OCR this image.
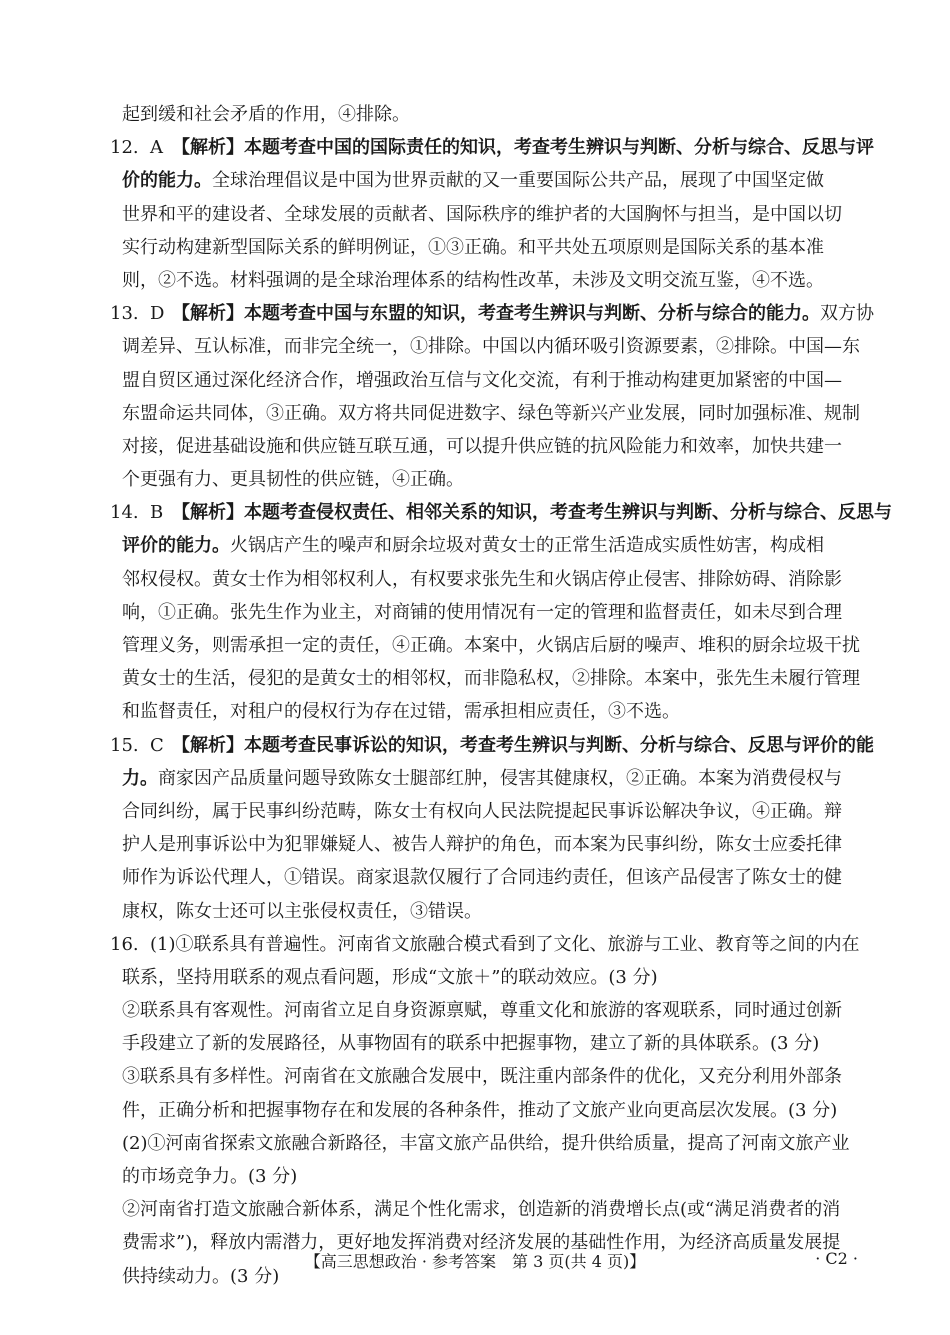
起到缓和社会矛盾的作用，④排除。
12. A 【解析】本题考查中国的国际责任的知识，考查考生辨识与判断、分析与综合、反思与评
价的能力。全球治理倡议是中国为世界贡献的又一重要国际公共产品，展现了中国坚定做
世界和平的建设者、全球发展的贡献者、国际秩序的维护者的大国胸怀与担当，是中国以切
实行动构建新型国际关系的鲜明例证，①③正确。和平共处五项原则是国际关系的基本准
则，②不选。材料强调的是全球治理体系的结构性改革，未涉及文明交流互鉴，④不选。
13. D 【解析】本题考查中国与东盟的知识，考查考生辨识与判断、分析与综合的能力。双方协
调差异、互认标准，而非完全统一，①排除。中国以内循环吸引资源要素，②排除。中国—东
盟自贸区通过深化经济合作，增强政治互信与文化交流，有利于推动构建更加紧密的中国—
东盟命运共同体，③正确。双方将共同促进数字、绿色等新兴产业发展，同时加强标准、规制
对接，促进基础设施和供应链互联互通，可以提升供应链的抗风险能力和效率，加快共建一
个更强有力、更具韧性的供应链，④正确。
14. B 【解析】本题考查侵权责任、相邻关系的知识，考查考生辨识与判断、分析与综合、反思与
评价的能力。火锅店产生的噪声和厨余垃圾对黄女士的正常生活造成实质性妨害，构成相
邻权侵权。黄女士作为相邻权利人，有权要求张先生和火锅店停止侵害、排除妨碍、消除影
响，①正确。张先生作为业主，对商铺的使用情况有一定的管理和监督责任，如未尽到合理
管理义务，则需承担一定的责任，④正确。本案中，火锅店后厨的噪声、堆积的厨余垃圾干扰
黄女士的生活，侵犯的是黄女士的相邻权，而非隐私权，②排除。本案中，张先生未履行管理
和监督责任，对租户的侵权行为存在过错，需承担相应责任，③不选。
15. C 【解析】本题考查民事诉讼的知识，考查考生辨识与判断、分析与综合、反思与评价的能
力。商家因产品质量问题导致陈女士腿部红肿，侵害其健康权，②正确。本案为消费侵权与
合同纠纷，属于民事纠纷范畴，陈女士有权向人民法院提起民事诉讼解决争议，④正确。辩
护人是刑事诉讼中为犯罪嫌疑人、被告人辩护的角色，而本案为民事纠纷，陈女士应委托律
师作为诉讼代理人，①错误。商家退款仅履行了合同违约责任，但该产品侵害了陈女士的健
康权，陈女士还可以主张侵权责任，③错误。
16. (1)①联系具有普遍性。河南省文旅融合模式看到了文化、旅游与工业、教育等之间的内在
联系，坚持用联系的观点看问题，形成“文旅＋”的联动效应。(3 分)
②联系具有客观性。河南省立足自身资源禀赋，尊重文化和旅游的客观联系，同时通过创新
手段建立了新的发展路径，从事物固有的联系中把握事物，建立了新的具体联系。(3 分)
③联系具有多样性。河南省在文旅融合发展中，既注重内部条件的优化，又充分利用外部条
件，正确分析和把握事物存在和发展的各种条件，推动了文旅产业向更高层次发展。(3 分)
(2)①河南省探索文旅融合新路径，丰富文旅产品供给，提升供给质量，提高了河南文旅产业
的市场竞争力。(3 分)
②河南省打造文旅融合新体系，满足个性化需求，创造新的消费增长点(或“满足消费者的消
费需求”)，释放内需潜力，更好地发挥消费对经济发展的基础性作用，为经济高质量发展提
供持续动力。(3 分)
【高三思想政治 · 参考答案　第 3 页(共 4 页)】	· C2 ·
